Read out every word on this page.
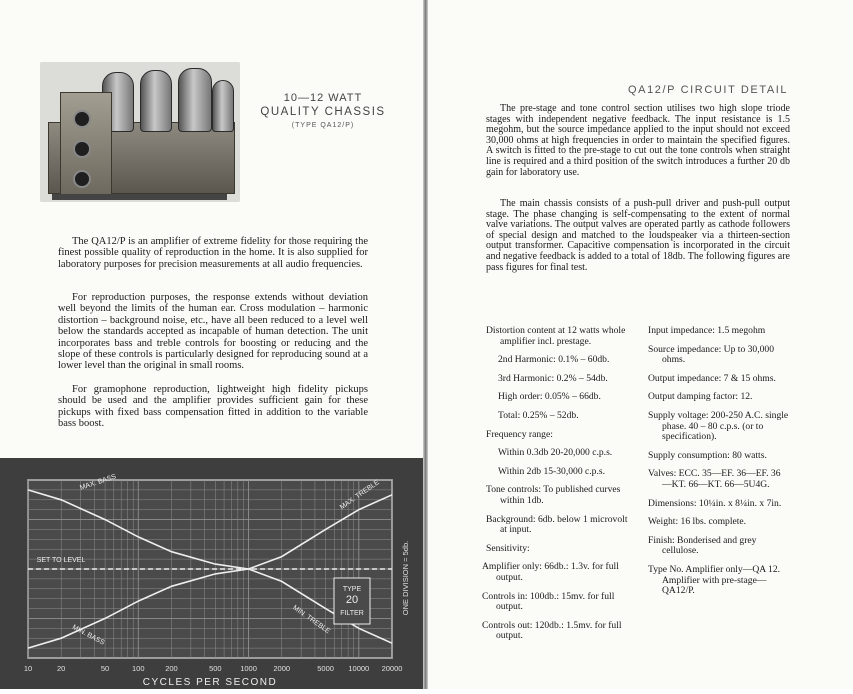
10—12 WATT
QUALITY CHASSIS
(TYPE QA12/P)
The QA12/P is an amplifier of extreme fidelity for those requiring the finest possible quality of reproduction in the home. It is also supplied for laboratory purposes for precision measurements at all audio frequencies.
For reproduction purposes, the response extends without deviation well beyond the limits of the human ear. Cross modulation – harmonic distortion – background noise, etc., have all been reduced to a level well below the standards accepted as incapable of human detection. The unit incorporates bass and treble controls for boosting or reducing and the slope of these controls is particularly designed for reproducing sound at a lower level than the original in small rooms.
For gramophone reproduction, lightweight high fidelity pickups should be used and the amplifier provides sufficient gain for these pickups with fixed bass compensation fitted in addition to the variable bass boost.
MAX. BASS	MAX. TREBLE
SET TO LEVEL
MIN. BASS	MIN. TREBLE
TYPE
20
FILTER
10	20	50	100	200	500 1000 2000	5000 10000 20000
CYCLES PER SECOND
ONE DIVISION = 5db.
QA12/P CIRCUIT DETAIL
The pre-stage and tone control section utilises two high slope triode stages with independent negative feedback. The input resistance is 1.5 megohm, but the source impedance applied to the input should not exceed 30,000 ohms at high frequencies in order to maintain the specified figures. A switch is fitted to the pre-stage to cut out the tone controls when straight line is required and a third position of the switch introduces a further 20 db gain for laboratory use.
The main chassis consists of a push-pull driver and push-pull output stage. The phase changing is self-compensating to the extent of normal valve variations. The output valves are operated partly as cathode followers of special design and matched to the loudspeaker via a thirteen-section output transformer. Capacitive compensation is incorporated in the circuit and negative feedback is added to a total of 18db. The following figures are pass figures for final test.
Distortion content at 12 watts whole amplifier incl. prestage.
2nd Harmonic: 0.1% – 60db.
3rd Harmonic: 0.2% – 54db.
High order: 0.05% – 66db.
Total: 0.25% – 52db.
Frequency range:
Within 0.3db 20-20,000 c.p.s.
Within 2db 15-30,000 c.p.s.
Tone controls: To published curves within 1db.
Background: 6db. below 1 microvolt at input.
Sensitivity:
Amplifier only: 66db.: 1.3v. for full output.
Controls in: 100db.: 15mv. for full output.
Controls out: 120db.: 1.5mv. for full output.
Input impedance: 1.5 megohm
Source impedance: Up to 30,000 ohms.
Output impedance: 7 & 15 ohms.
Output damping factor: 12.
Supply voltage: 200-250 A.C. single phase. 40 – 80 c.p.s. (or to specification).
Supply consumption: 80 watts.
Valves: ECC. 35—EF. 36—EF. 36—KT. 66—KT. 66—5U4G.
Dimensions: 10¼in. x 8¼in. x 7in.
Weight: 16 lbs. complete.
Finish: Bonderised and grey cellulose.
Type No. Amplifier only—QA 12. Amplifier with pre-stage—QA12/P.
